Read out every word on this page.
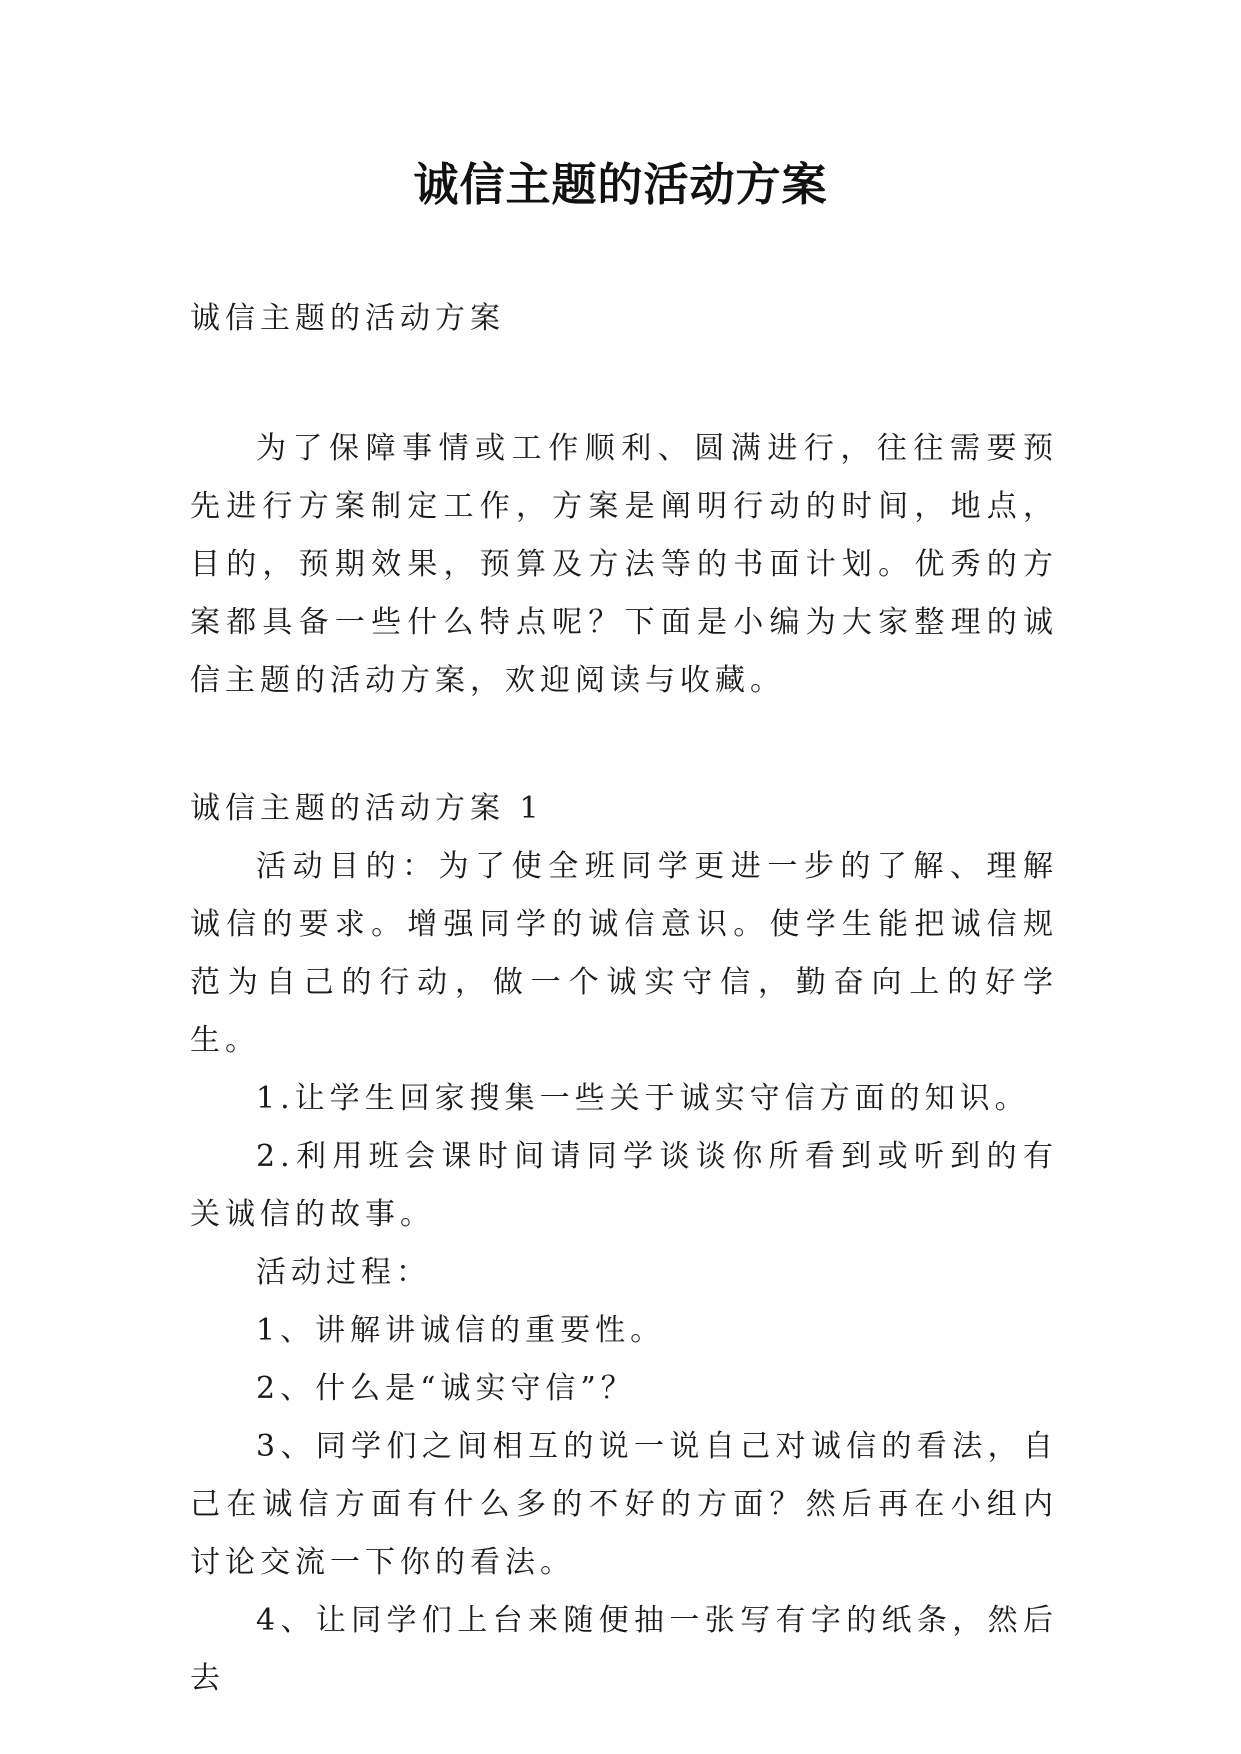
诚信主题的活动方案

诚信主题的活动方案

为了保障事情或工作顺利、圆满进行，往往需要预先进行方案制定工作，方案是阐明行动的时间，地点，目的，预期效果，预算及方法等的书面计划。优秀的方案都具备一些什么特点呢？下面是小编为大家整理的诚信主题的活动方案，欢迎阅读与收藏。

诚信主题的活动方案 1

活动目的：为了使全班同学更进一步的了解、理解诚信的要求。增强同学的诚信意识。使学生能把诚信规范为自己的行动，做一个诚实守信，勤奋向上的好学生。

1.让学生回家搜集一些关于诚实守信方面的知识。

2.利用班会课时间请同学谈谈你所看到或听到的有关诚信的故事。

活动过程：

1、讲解讲诚信的重要性。

2、什么是“诚实守信”？

3、同学们之间相互的说一说自己对诚信的看法，自己在诚信方面有什么多的不好的方面？然后再在小组内讨论交流一下你的看法。

4、让同学们上台来随便抽一张写有字的纸条，然后去
